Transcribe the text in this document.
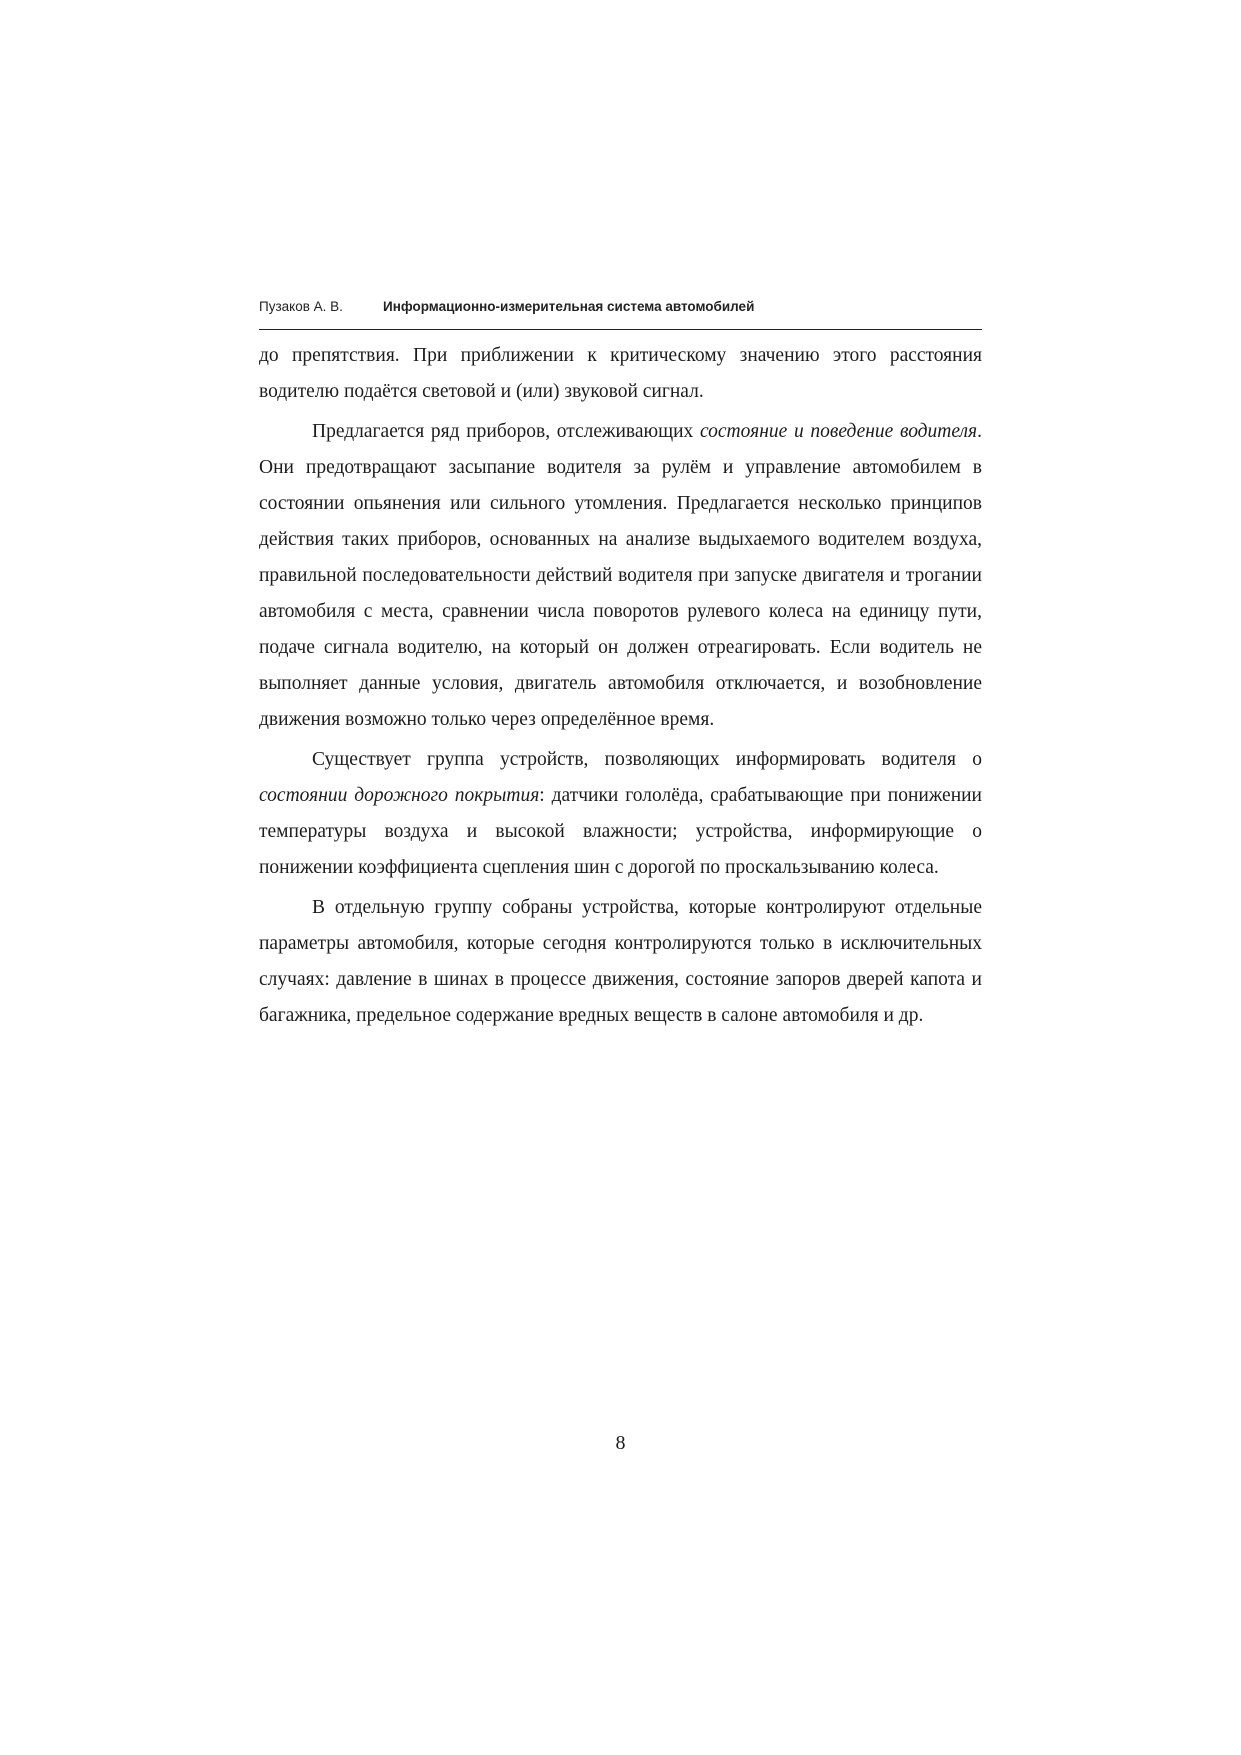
Пузаков А. В.	Информационно-измерительная система автомобилей

до препятствия. При приближении к критическому значению этого расстояния водителю подаётся световой и (или) звуковой сигнал.

Предлагается ряд приборов, отслеживающих состояние и поведение водителя. Они предотвращают засыпание водителя за рулём и управление автомобилем в состоянии опьянения или сильного утомления. Предлагается несколько принципов действия таких приборов, основанных на анализе выдыхаемого водителем воздуха, правильной последовательности действий водителя при запуске двигателя и трогании автомобиля с места, сравнении числа поворотов рулевого колеса на единицу пути, подаче сигнала водителю, на который он должен отреагировать. Если водитель не выполняет данные условия, двигатель автомобиля отключается, и возобновление движения возможно только через определённое время.

Существует группа устройств, позволяющих информировать водителя о состоянии дорожного покрытия: датчики гололёда, срабатывающие при понижении температуры воздуха и высокой влажности; устройства, информирующие о понижении коэффициента сцепления шин с дорогой по проскальзыванию колеса.

В отдельную группу собраны устройства, которые контролируют отдельные параметры автомобиля, которые сегодня контролируются только в исключительных случаях: давление в шинах в процессе движения, состояние запоров дверей капота и багажника, предельное содержание вредных веществ в салоне автомобиля и др.

8
